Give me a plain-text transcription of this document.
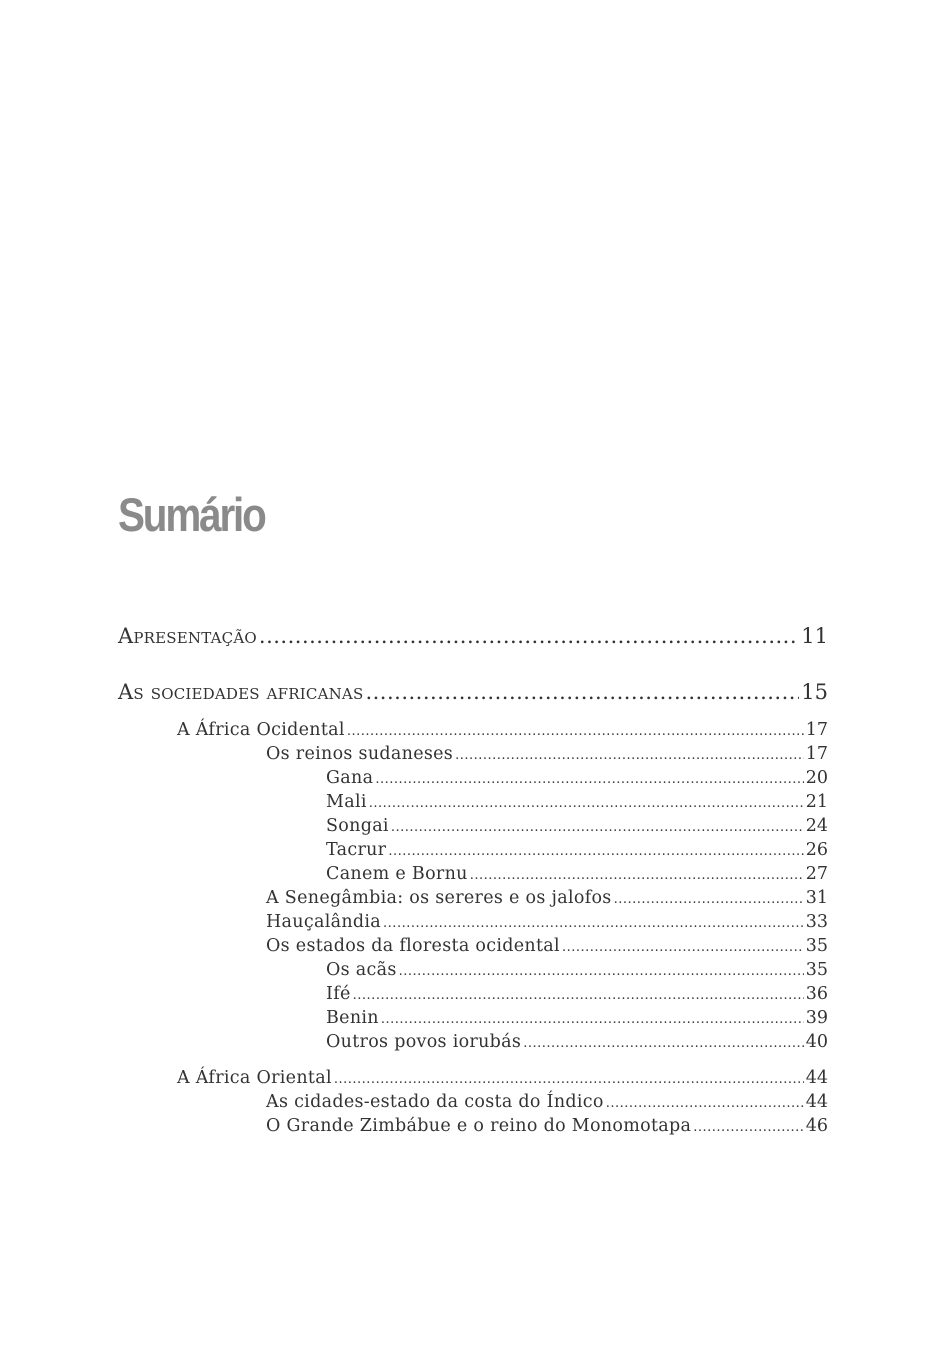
Sumário
Apresentação .....	11
As sociedades africanas .....	15
A África Ocidental .....	17
Os reinos sudaneses .....	17
Gana .....	20
Mali .....	21
Songai .....	24
Tacrur .....	26
Canem e Bornu .....	27
A Senegâmbia: os sereres e os jalofos .....	31
Hauçalândia .....	33
Os estados da floresta ocidental .....	35
Os acãs .....	35
Ifé .....	36
Benin .....	39
Outros povos iorubás .....	40
A África Oriental .....	44
As cidades-estado da costa do Índico .....	44
O Grande Zimbábue e o reino do Monomotapa .....	46
